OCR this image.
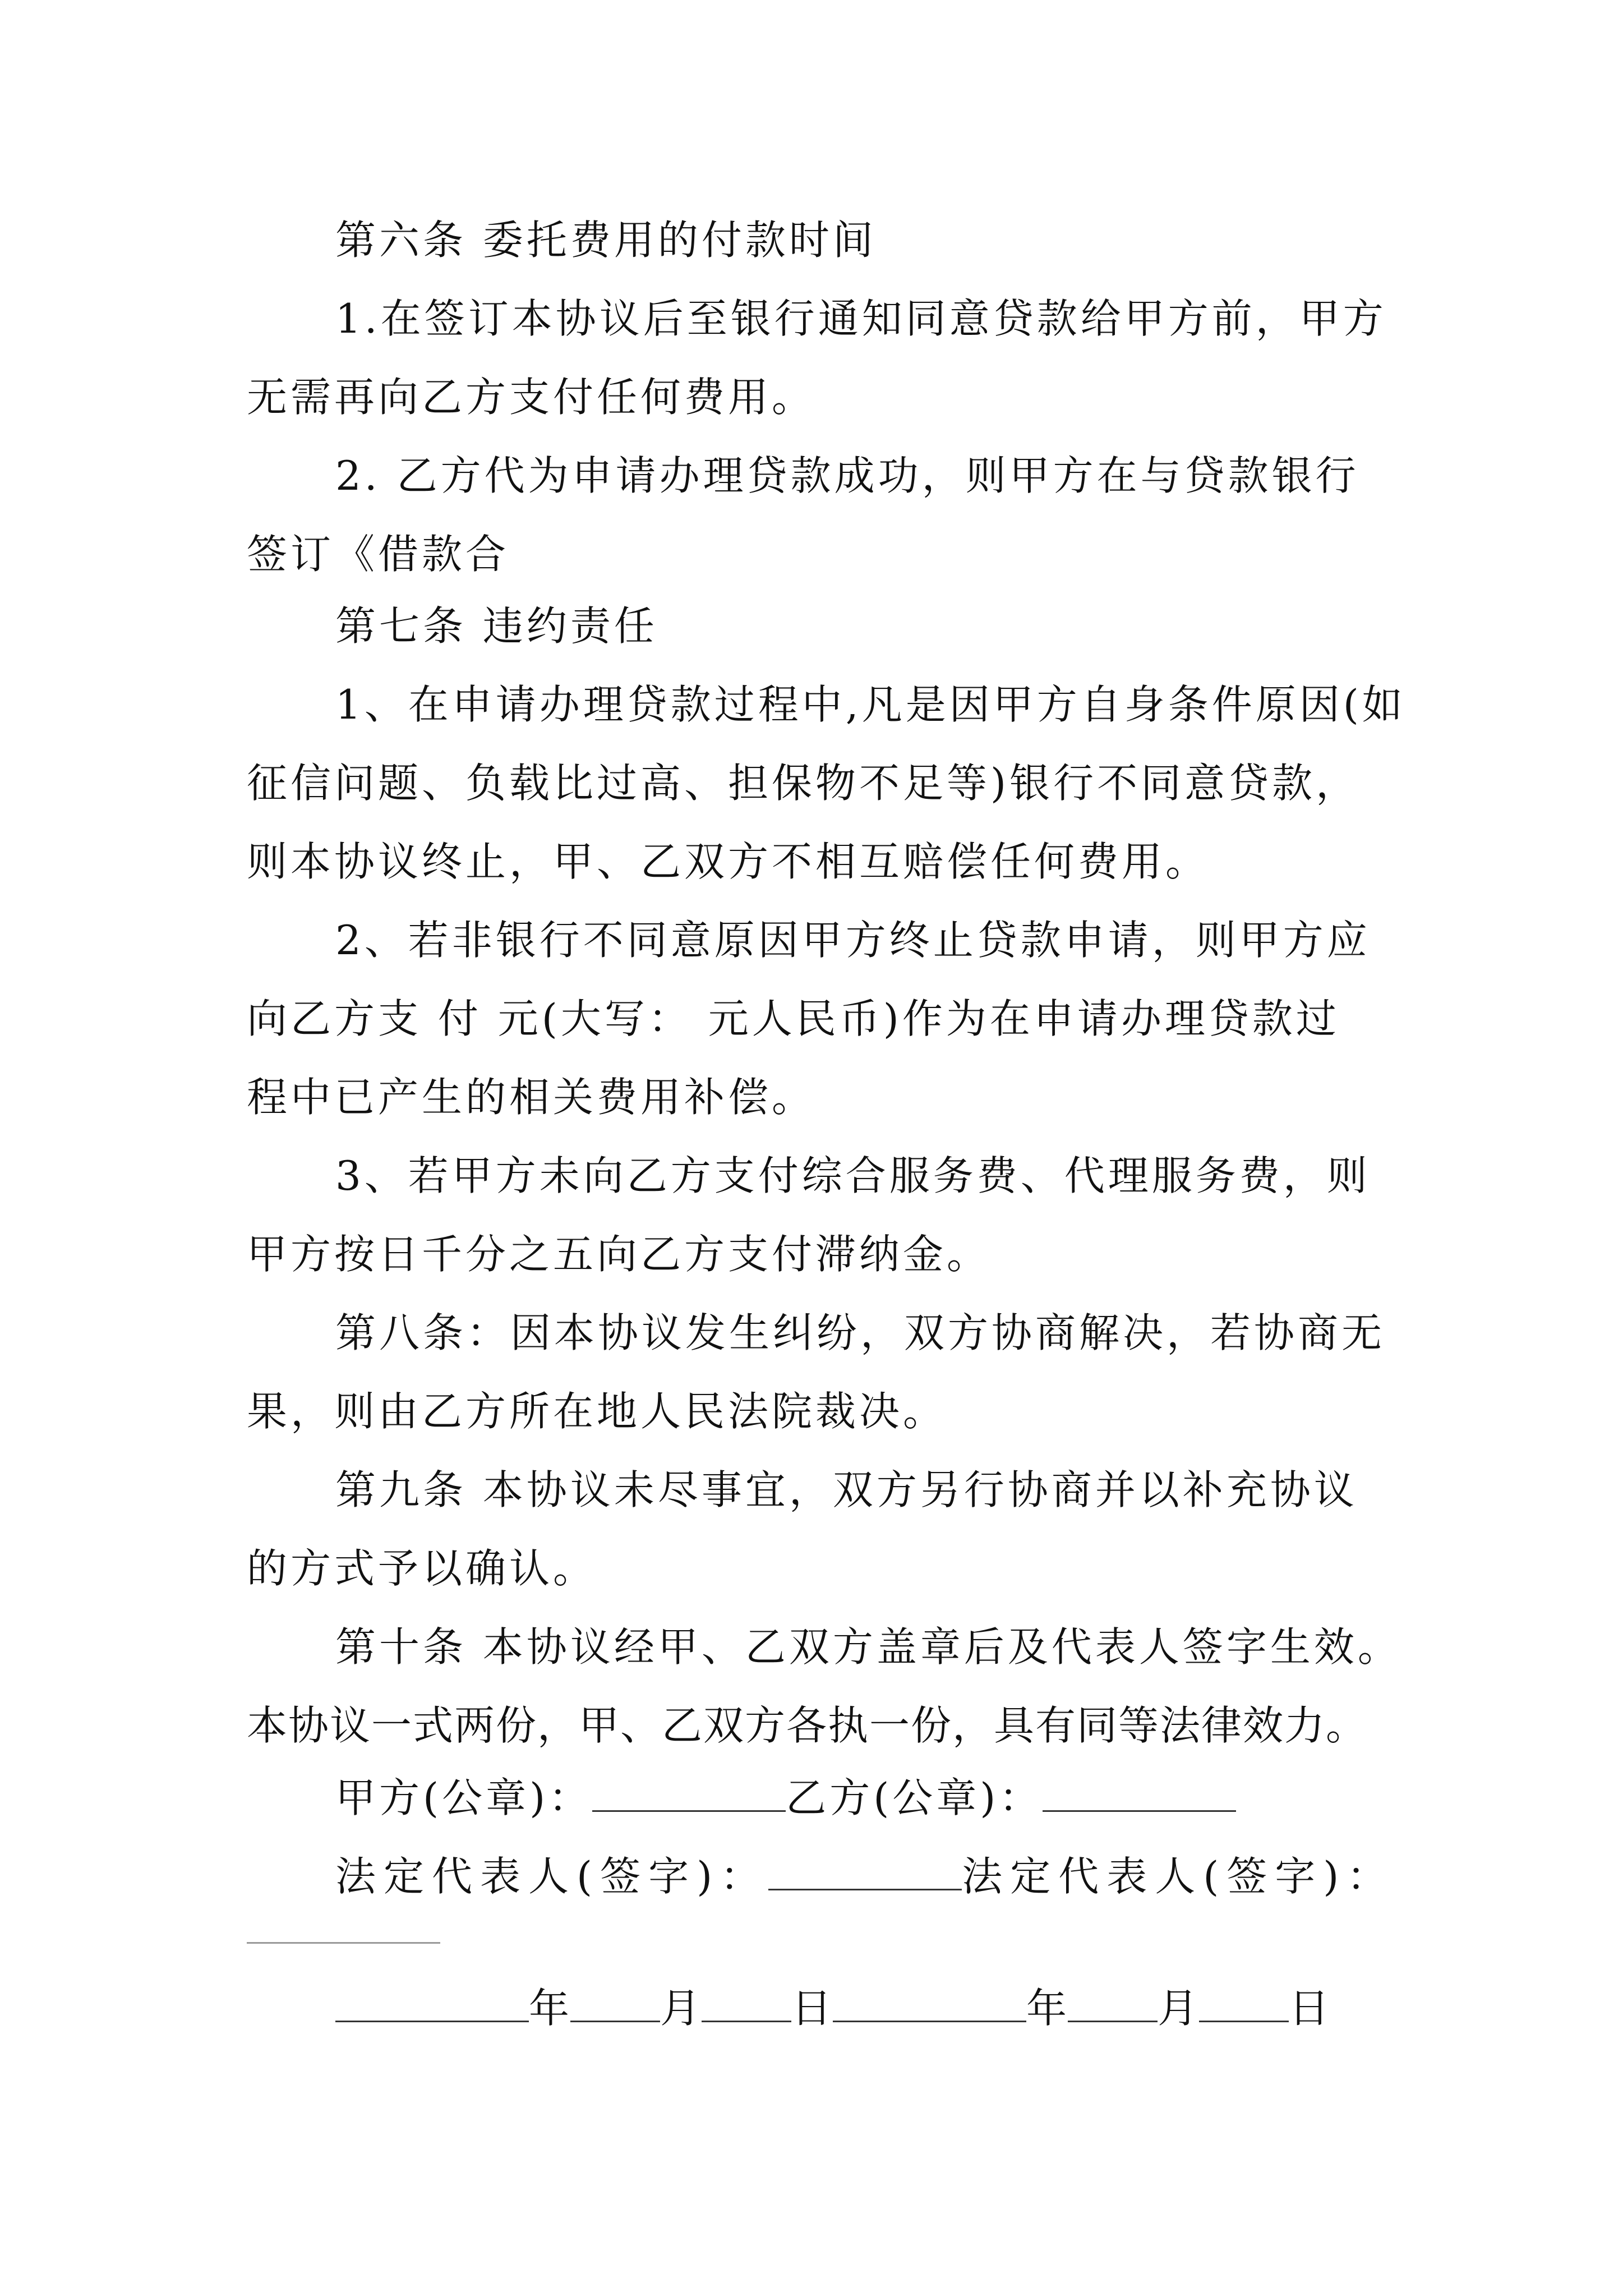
第六条 委托费用的付款时间
1.在签订本协议后至银行通知同意贷款给甲方前，甲方
无需再向乙方支付任何费用。
2. 乙方代为申请办理贷款成功，则甲方在与贷款银行
签订《借款合
第七条 违约责任
1、在申请办理贷款过程中,凡是因甲方自身条件原因(如
征信问题、负载比过高、担保物不足等)银行不同意贷款，
则本协议终止，甲、乙双方不相互赔偿任何费用。
2、若非银行不同意原因甲方终止贷款申请，则甲方应
向乙方支 付 元(大写： 元人民币)作为在申请办理贷款过
程中已产生的相关费用补偿。
3、若甲方未向乙方支付综合服务费、代理服务费，则
甲方按日千分之五向乙方支付滞纳金。
第八条：因本协议发生纠纷，双方协商解决，若协商无
果，则由乙方所在地人民法院裁决。
第九条 本协议未尽事宜，双方另行协商并以补充协议
的方式予以确认。
第十条 本协议经甲、乙双方盖章后及代表人签字生效。
本协议一式两份，甲、乙双方各执一份，具有同等法律效力。
甲方(公章)：	乙方(公章)：
法定代表人(签字)：	法定代表人(签字)：
年 月 日	年 月 日
